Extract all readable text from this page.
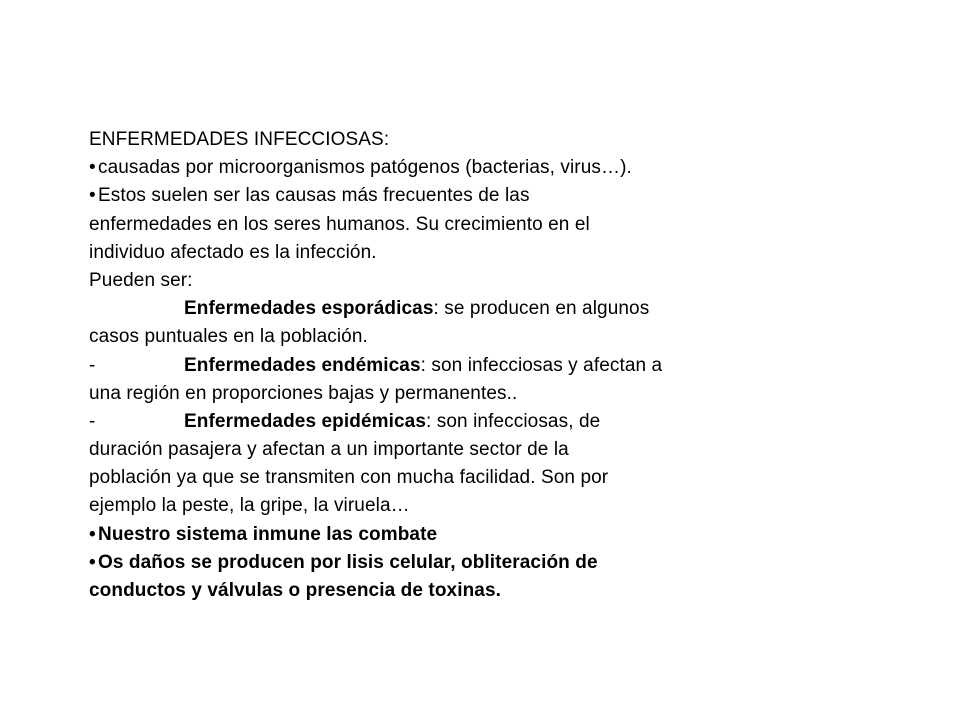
ENFERMEDADES INFECCIOSAS:
• causadas por microorganismos patógenos (bacterias, virus…).
• Estos suelen ser las causas más frecuentes de las
enfermedades en los seres humanos. Su crecimiento en el
individuo afectado es la infección.
Pueden ser:
Enfermedades esporádicas: se producen en algunos
casos puntuales en la población.
-	Enfermedades endémicas: son infecciosas y afectan a
una región en proporciones bajas y permanentes..
-	Enfermedades epidémicas: son infecciosas, de
duración pasajera y afectan a un importante sector de la
población ya que se transmiten con mucha facilidad. Son por
ejemplo la peste, la gripe, la viruela…
• Nuestro sistema inmune las combate
• Os daños se producen por lisis celular, obliteración de
conductos y válvulas o presencia de toxinas.
